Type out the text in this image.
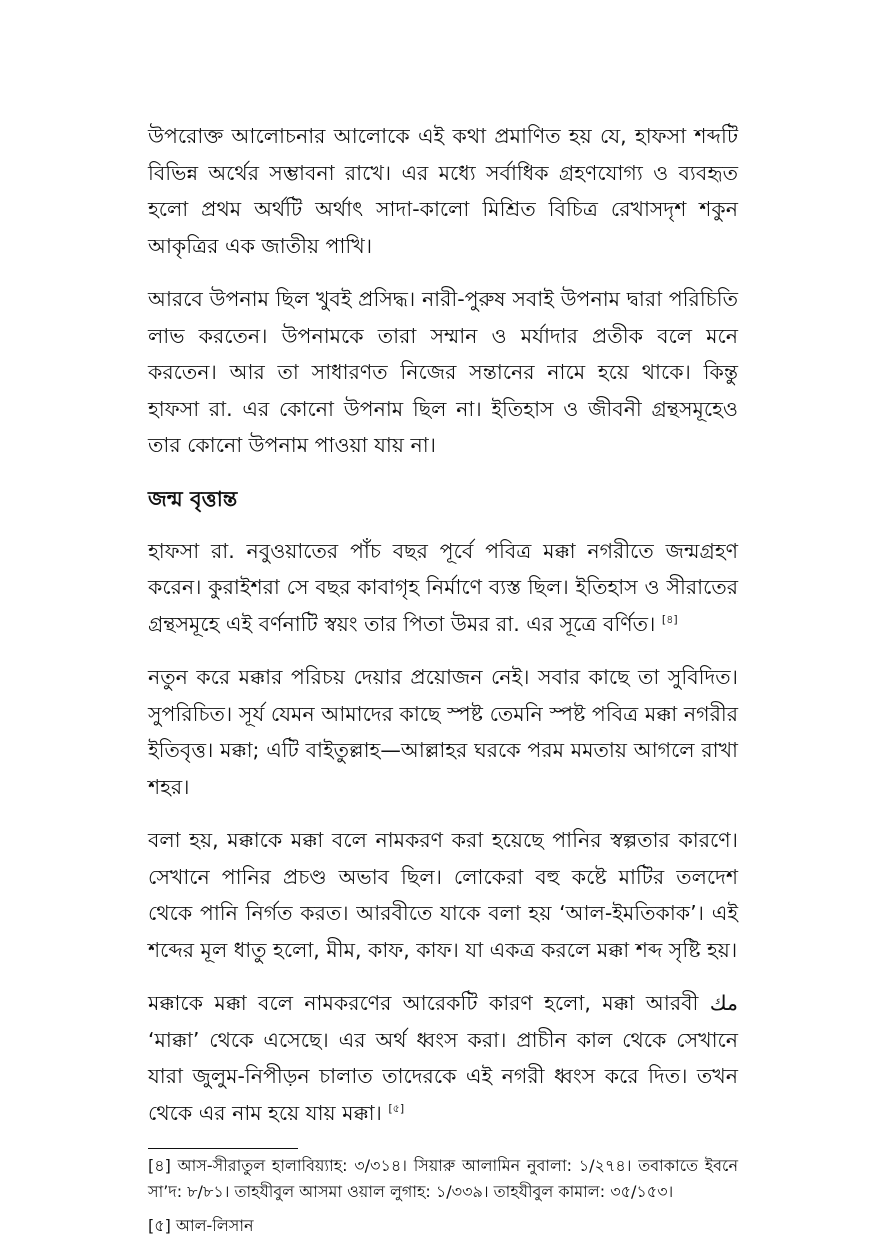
উপরোক্ত আলোচনার আলোকে এই কথা প্রমাণিত হয় যে, হাফসা শব্দটি বিভিন্ন অর্থের সম্ভাবনা রাখে। এর মধ্যে সর্বাধিক গ্রহণযোগ্য ও ব্যবহৃত হলো প্রথম অর্থটি অর্থাৎ সাদা-কালো মিশ্রিত বিচিত্র রেখাসদৃশ শকুন আকৃত্রির এক জাতীয় পাখি।

আরবে উপনাম ছিল খুবই প্রসিদ্ধ। নারী-পুরুষ সবাই উপনাম দ্বারা পরিচিতি লাভ করতেন। উপনামকে তারা সম্মান ও মর্যাদার প্রতীক বলে মনে করতেন। আর তা সাধারণত নিজের সন্তানের নামে হয়ে থাকে। কিন্তু হাফসা রা. এর কোনো উপনাম ছিল না। ইতিহাস ও জীবনী গ্রন্থসমূহেও তার কোনো উপনাম পাওয়া যায় না।

জন্ম বৃত্তান্ত

হাফসা রা. নবুওয়াতের পাঁচ বছর পূর্বে পবিত্র মক্কা নগরীতে জন্মগ্রহণ করেন। কুরাইশরা সে বছর কাবাগৃহ নির্মাণে ব্যস্ত ছিল। ইতিহাস ও সীরাতের গ্রন্থসমূহে এই বর্ণনাটি স্বয়ং তার পিতা উমর রা. এর সূত্রে বর্ণিত। [৪]

নতুন করে মক্কার পরিচয় দেয়ার প্রয়োজন নেই। সবার কাছে তা সুবিদিত। সুপরিচিত। সূর্য যেমন আমাদের কাছে স্পষ্ট তেমনি স্পষ্ট পবিত্র মক্কা নগরীর ইতিবৃত্ত। মক্কা; এটি বাইতুল্লাহ—আল্লাহর ঘরকে পরম মমতায় আগলে রাখা শহর।

বলা হয়, মক্কাকে মক্কা বলে নামকরণ করা হয়েছে পানির স্বল্পতার কারণে। সেখানে পানির প্রচণ্ড অভাব ছিল। লোকেরা বহু কষ্টে মাটির তলদেশ থেকে পানি নির্গত করত। আরবীতে যাকে বলা হয় ‘আল-ইমতিকাক’। এই শব্দের মূল ধাতু হলো, মীম, কাফ, কাফ। যা একত্র করলে মক্কা শব্দ সৃষ্টি হয়।

মক্কাকে মক্কা বলে নামকরণের আরেকটি কারণ হলো, মক্কা আরবী مك ‘মাক্কা’ থেকে এসেছে। এর অর্থ ধ্বংস করা। প্রাচীন কাল থেকে সেখানে যারা জুলুম-নিপীড়ন চালাত তাদেরকে এই নগরী ধ্বংস করে দিত। তখন থেকে এর নাম হয়ে যায় মক্কা। [৫]

[৪] আস-সীরাতুল হালাবিয়্যাহ: ৩/৩১৪। সিয়ারু আলামিন নুবালা: ১/২৭৪। তবাকাতে ইবনে সা’দ: ৮/৮১। তাহযীবুল আসমা ওয়াল লুগাহ: ১/৩৩৯। তাহযীবুল কামাল: ৩৫/১৫৩।

[৫] আল-লিসান
